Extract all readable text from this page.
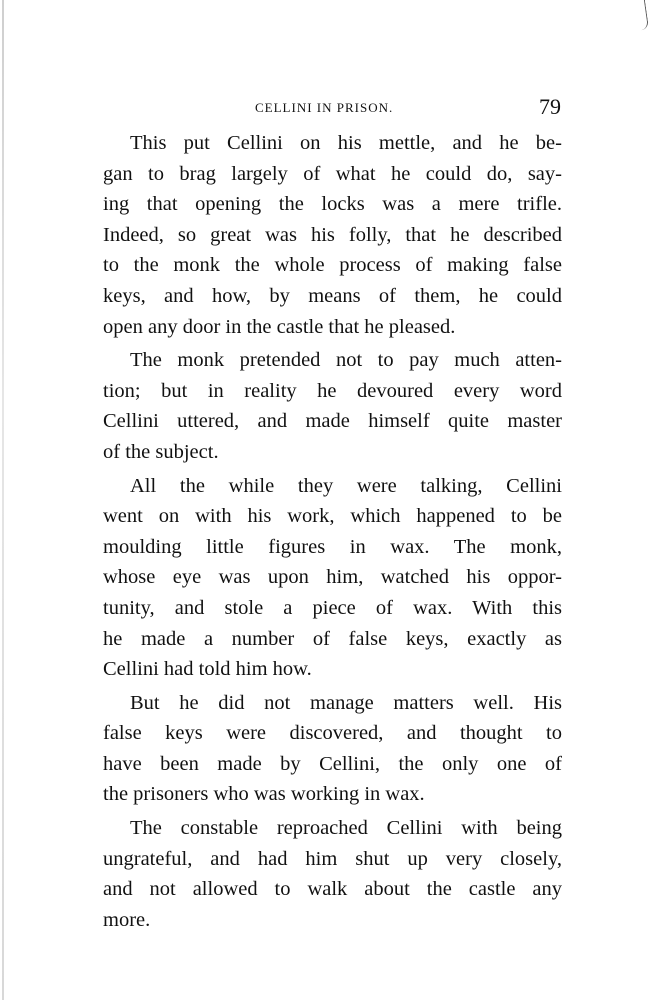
CELLINI IN PRISON.	79
This put Cellini on his mettle, and he be-
gan to brag largely of what he could do, say-
ing that opening the locks was a mere trifle.
Indeed, so great was his folly, that he described
to the monk the whole process of making false
keys, and how, by means of them, he could
open any door in the castle that he pleased.
The monk pretended not to pay much atten-
tion; but in reality he devoured every word
Cellini uttered, and made himself quite master
of the subject.
All the while they were talking, Cellini
went on with his work, which happened to be
moulding little figures in wax. The monk,
whose eye was upon him, watched his oppor-
tunity, and stole a piece of wax. With this
he made a number of false keys, exactly as
Cellini had told him how.
But he did not manage matters well. His
false keys were discovered, and thought to
have been made by Cellini, the only one of
the prisoners who was working in wax.
The constable reproached Cellini with being
ungrateful, and had him shut up very closely,
and not allowed to walk about the castle any
more.
